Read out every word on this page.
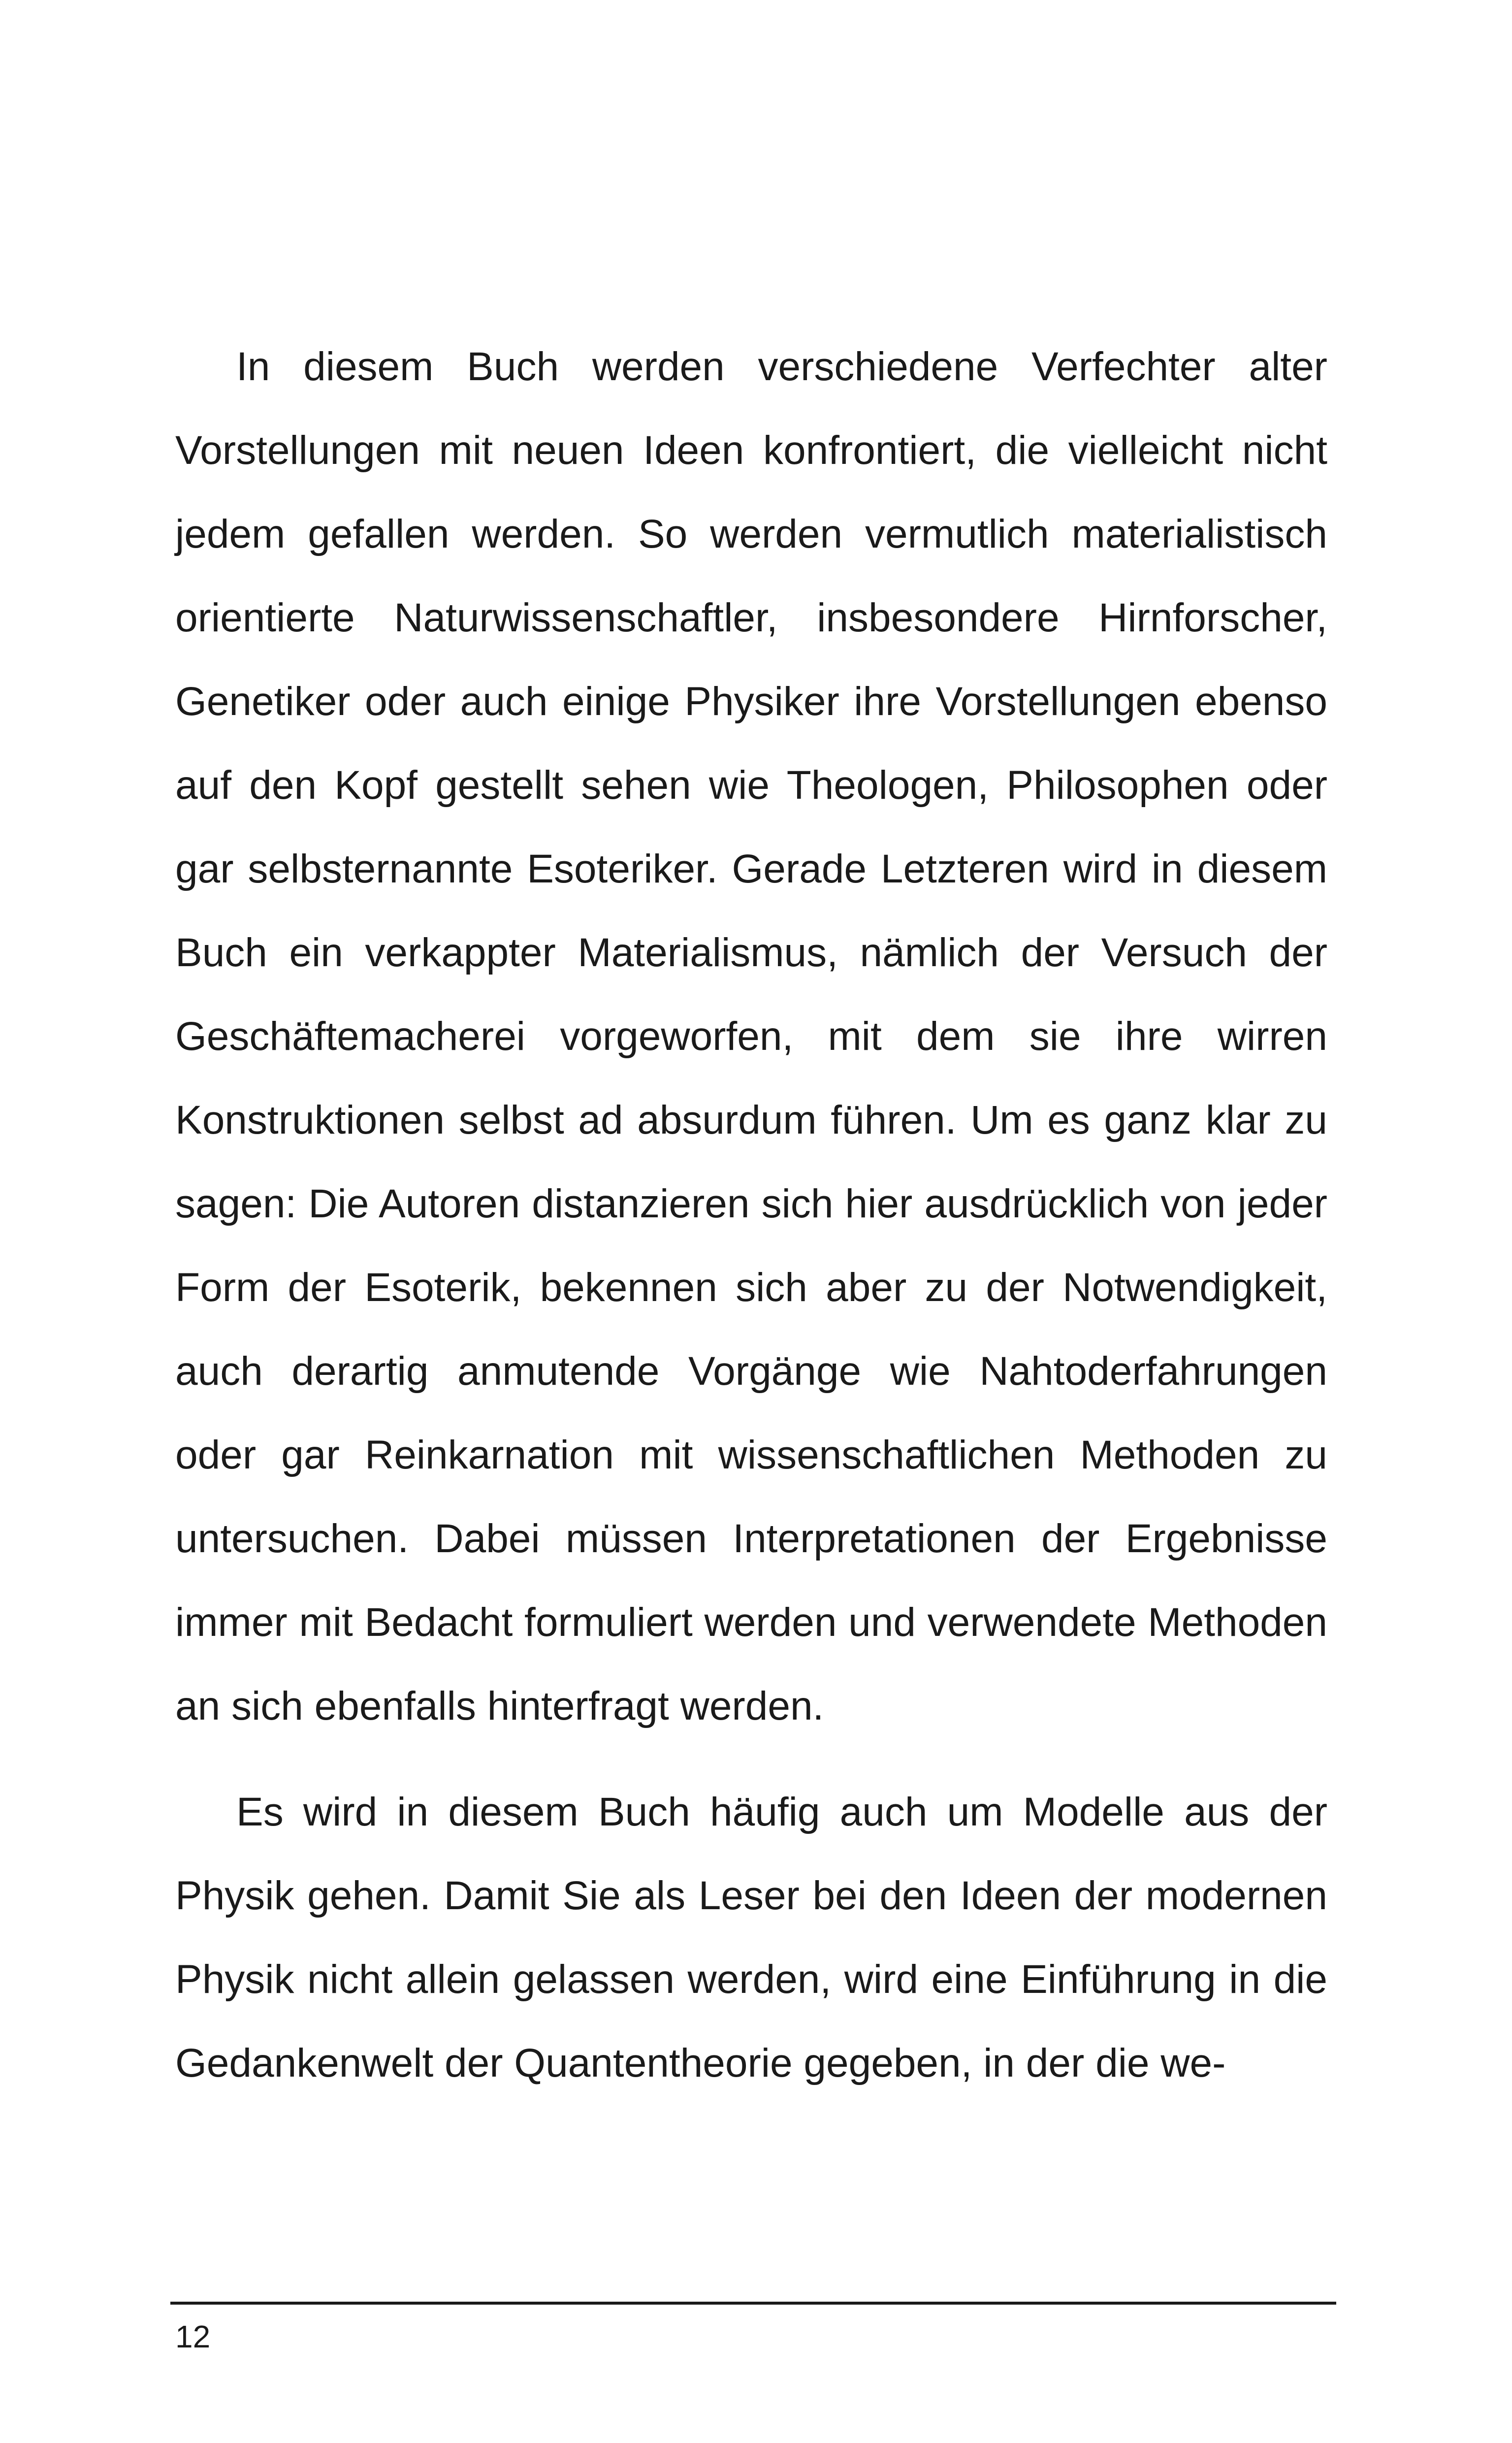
In diesem Buch werden verschiedene Verfechter alter Vorstellungen mit neuen Ideen konfrontiert, die vielleicht nicht jedem gefallen werden. So werden vermutlich materialistisch orientierte Naturwissenschaftler, insbesondere Hirnforscher, Genetiker oder auch einige Physiker ihre Vorstellungen ebenso auf den Kopf gestellt sehen wie Theologen, Philosophen oder gar selbsternannte Esoteriker. Gerade Letzteren wird in diesem Buch ein verkappter Materialismus, nämlich der Versuch der Geschäftemacherei vorgeworfen, mit dem sie ihre wirren Konstruktionen selbst ad absurdum führen. Um es ganz klar zu sagen: Die Autoren distanzieren sich hier ausdrücklich von jeder Form der Esoterik, bekennen sich aber zu der Notwendigkeit, auch derartig anmutende Vorgänge wie Nahtoderfahrungen oder gar Reinkarnation mit wissenschaftlichen Methoden zu untersuchen. Dabei müssen Interpretationen der Ergebnisse immer mit Bedacht formuliert werden und verwendete Methoden an sich ebenfalls hinterfragt werden.

Es wird in diesem Buch häufig auch um Modelle aus der Physik gehen. Damit Sie als Leser bei den Ideen der modernen Physik nicht allein gelassen werden, wird eine Einführung in die Gedankenwelt der Quantentheorie gegeben, in der die we-

12
